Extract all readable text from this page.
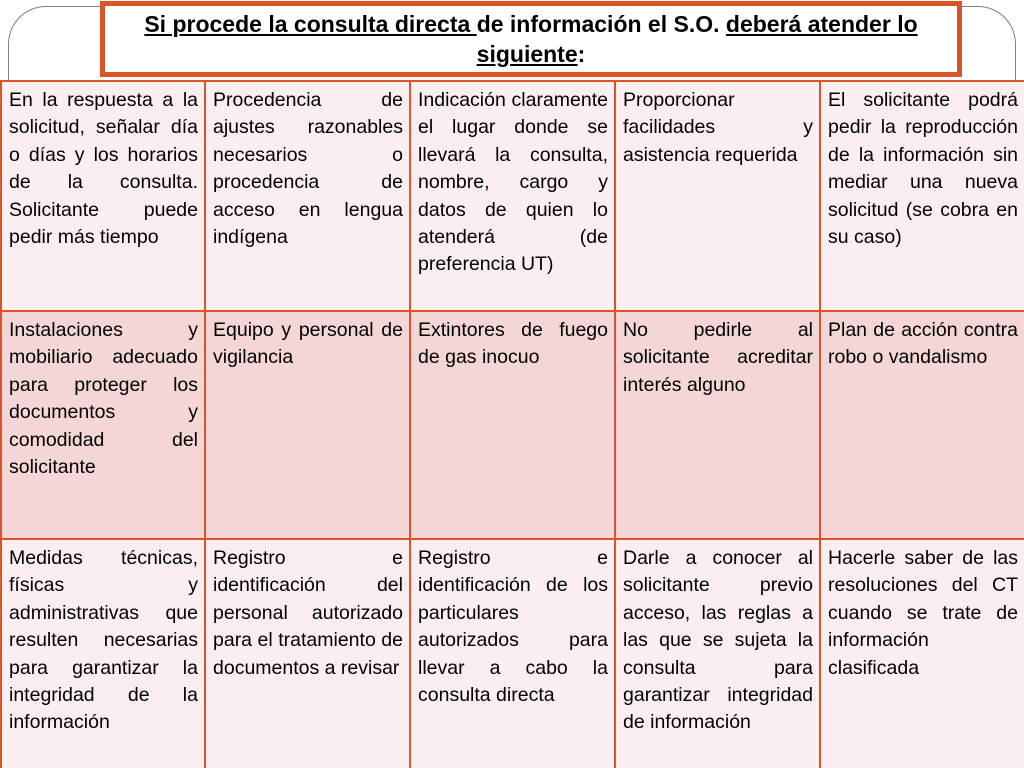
Si procede la consulta directa de información el S.O. deberá atender lo siguiente:
En la respuesta a la solicitud, señalar día o días y los horarios de la consulta. Solicitante puede pedir más tiempo	Procedencia de ajustes razonables necesarios o procedencia de acceso en lengua indígena	Indicación claramente el lugar donde se llevará la consulta, nombre, cargo y datos de quien lo atenderá (de preferencia UT)	Proporcionar facilidades y asistencia requerida	El solicitante podrá pedir la reproducción de la información sin mediar una nueva solicitud (se cobra en su caso)
Instalaciones y mobiliario adecuado para proteger los documentos y comodidad del solicitante	Equipo y personal de vigilancia	Extintores de fuego de gas inocuo	No pedirle al solicitante acreditar interés alguno	Plan de acción contra robo o vandalismo
Medidas técnicas, físicas y administrativas que resulten necesarias para garantizar la integridad de la información	Registro e identificación del personal autorizado para el tratamiento de documentos a revisar	Registro e identificación de los particulares autorizados para llevar a cabo la consulta directa	Darle a conocer al solicitante previo acceso, las reglas a las que se sujeta la consulta para garantizar integridad de información	Hacerle saber de las resoluciones del CT cuando se trate de información clasificada
